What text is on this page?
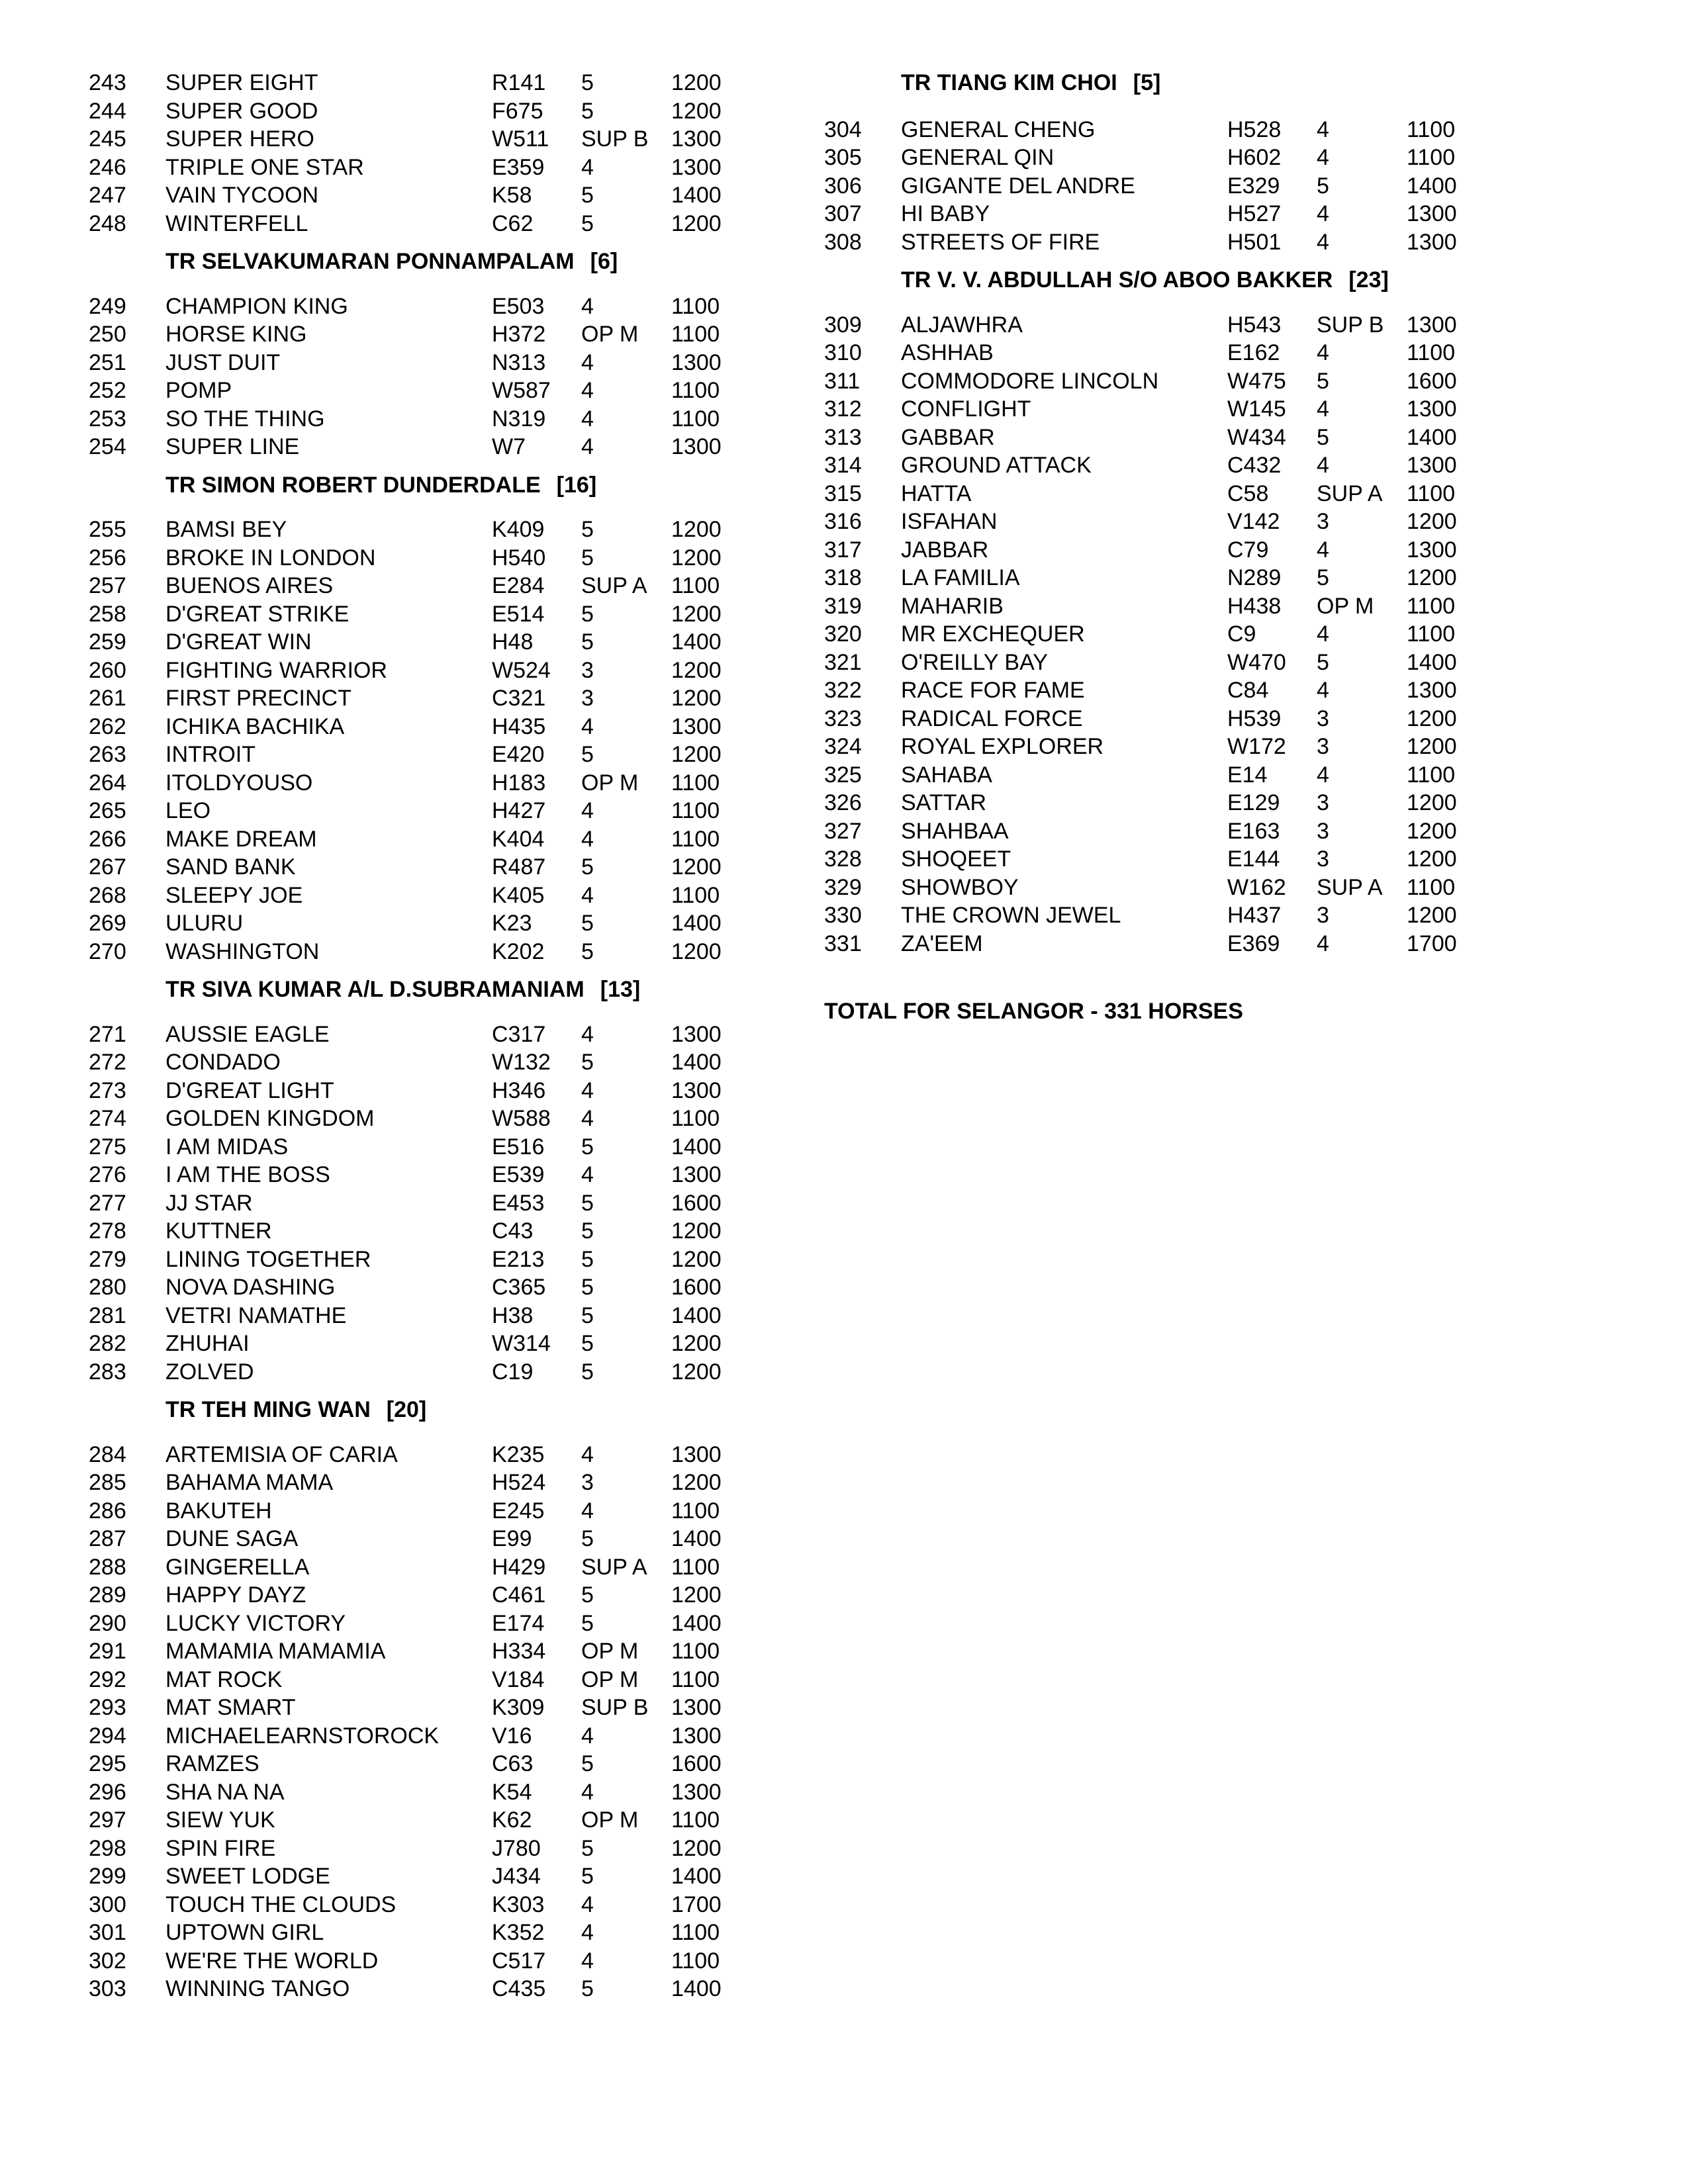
243 SUPER EIGHT	R141 5	1200
244 SUPER GOOD	F675 5	1200
245 SUPER HERO	W511 SUP B 1300
246 TRIPLE ONE STAR	E359 4	1300
247 VAIN TYCOON	K58 5	1400
248 WINTERFELL	C62 5	1200
TR SELVAKUMARAN PONNAMPALAM [6]
249 CHAMPION KING	E503 4	1100
250 HORSE KING	H372 OP M 1100
251 JUST DUIT	N313 4	1300
252 POMP	W587 4	1100
253 SO THE THING	N319 4	1100
254 SUPER LINE	W7 4	1300
TR SIMON ROBERT DUNDERDALE [16]
255 BAMSI BEY	K409 5	1200
256 BROKE IN LONDON	H540 5	1200
257 BUENOS AIRES	E284 SUP A 1100
258 D'GREAT STRIKE	E514 5	1200
259 D'GREAT WIN	H48 5	1400
260 FIGHTING WARRIOR	W524 3	1200
261 FIRST PRECINCT	C321 3	1200
262 ICHIKA BACHIKA	H435 4	1300
263 INTROIT	E420 5	1200
264 ITOLDYOUSO	H183 OP M 1100
265 LEO	H427 4	1100
266 MAKE DREAM	K404 4	1100
267 SAND BANK	R487 5	1200
268 SLEEPY JOE	K405 4	1100
269 ULURU	K23 5	1400
270 WASHINGTON	K202 5	1200
TR SIVA KUMAR A/L D.SUBRAMANIAM [13]
271 AUSSIE EAGLE	C317 4	1300
272 CONDADO	W132 5	1400
273 D'GREAT LIGHT	H346 4	1300
274 GOLDEN KINGDOM	W588 4	1100
275 I AM MIDAS	E516 5	1400
276 I AM THE BOSS	E539 4	1300
277 JJ STAR	E453 5	1600
278 KUTTNER	C43 5	1200
279 LINING TOGETHER	E213 5	1200
280 NOVA DASHING	C365 5	1600
281 VETRI NAMATHE	H38 5	1400
282 ZHUHAI	W314 5	1200
283 ZOLVED	C19 5	1200
TR TEH MING WAN [20]
284 ARTEMISIA OF CARIA	K235 4	1300
285 BAHAMA MAMA	H524 3	1200
286 BAKUTEH	E245 4	1100
287 DUNE SAGA	E99 5	1400
288 GINGERELLA	H429 SUP A 1100
289 HAPPY DAYZ	C461 5	1200
290 LUCKY VICTORY	E174 5	1400
291 MAMAMIA MAMAMIA	H334 OP M 1100
292 MAT ROCK	V184 OP M 1100
293 MAT SMART	K309 SUP B 1300
294 MICHAELEARNSTOROCK V16 4	1300
295 RAMZES	C63 5	1600
296 SHA NA NA	K54 4	1300
297 SIEW YUK	K62 OP M 1100
298 SPIN FIRE	J780 5	1200
299 SWEET LODGE	J434 5	1400
300 TOUCH THE CLOUDS	K303 4	1700
301 UPTOWN GIRL	K352 4	1100
302 WE'RE THE WORLD	C517 4	1100
303 WINNING TANGO	C435 5	1400
TR TIANG KIM CHOI [5]
304 GENERAL CHENG	H528 4	1100
305 GENERAL QIN	H602 4	1100
306 GIGANTE DEL ANDRE	E329 5	1400
307 HI BABY	H527 4	1300
308 STREETS OF FIRE	H501 4	1300
TR V. V. ABDULLAH S/O ABOO BAKKER [23]
309 ALJAWHRA	H543 SUP B 1300
310 ASHHAB	E162 4	1100
311 COMMODORE LINCOLN	W475 5	1600
312 CONFLIGHT	W145 4	1300
313 GABBAR	W434 5	1400
314 GROUND ATTACK	C432 4	1300
315 HATTA	C58 SUP A 1100
316 ISFAHAN	V142 3	1200
317 JABBAR	C79 4	1300
318 LA FAMILIA	N289 5	1200
319 MAHARIB	H438 OP M 1100
320 MR EXCHEQUER	C9	4	1100
321 O'REILLY BAY	W470 5	1400
322 RACE FOR FAME	C84 4	1300
323 RADICAL FORCE	H539 3	1200
324 ROYAL EXPLORER	W172 3	1200
325 SAHABA	E14 4	1100
326 SATTAR	E129 3	1200
327 SHAHBAA	E163 3	1200
328 SHOQEET	E144 3	1200
329 SHOWBOY	W162 SUP A 1100
330 THE CROWN JEWEL	H437 3	1200
331 ZA'EEM	E369 4	1700
TOTAL FOR SELANGOR - 331 HORSES
